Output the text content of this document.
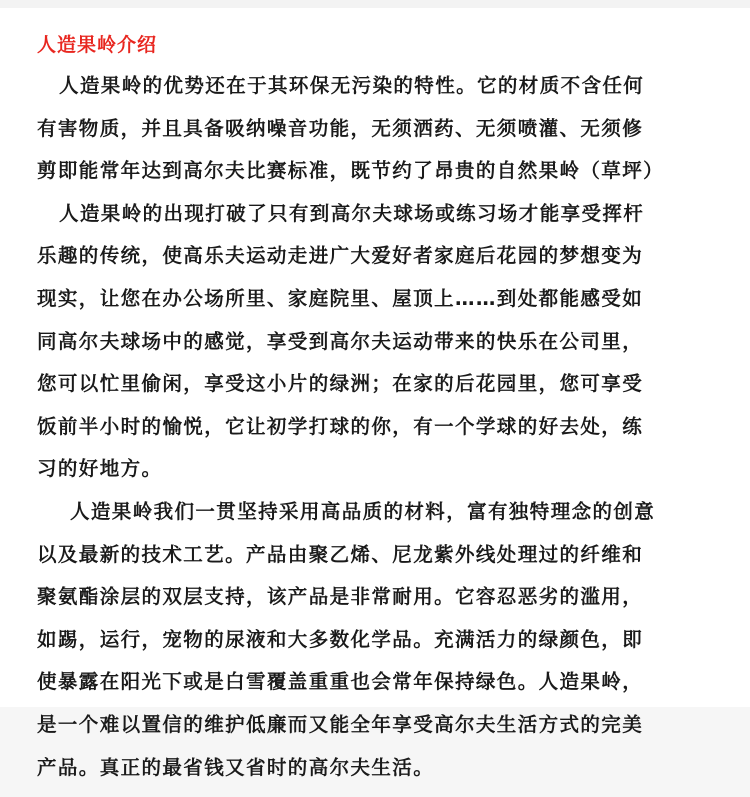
人造果岭介绍
人造果岭的优势还在于其环保无污染的特性。它的材质不含任何
有害物质，并且具备吸纳噪音功能，无须洒药、无须喷灌、无须修
剪即能常年达到高尔夫比赛标准，既节约了昂贵的自然果岭（草坪）
人造果岭的出现打破了只有到高尔夫球场或练习场才能享受挥杆
乐趣的传统，使高乐夫运动走进广大爱好者家庭后花园的梦想变为
现实，让您在办公场所里、家庭院里、屋顶上……到处都能感受如
同高尔夫球场中的感觉，享受到高尔夫运动带来的快乐在公司里，
您可以忙里偷闲，享受这小片的绿洲；在家的后花园里，您可享受
饭前半小时的愉悦，它让初学打球的你，有一个学球的好去处，练
习的好地方。
人造果岭我们一贯坚持采用高品质的材料，富有独特理念的创意
以及最新的技术工艺。产品由聚乙烯、尼龙紫外线处理过的纤维和
聚氨酯涂层的双层支持，该产品是非常耐用。它容忍恶劣的滥用，
如踢，运行，宠物的尿液和大多数化学品。充满活力的绿颜色，即
使暴露在阳光下或是白雪覆盖重重也会常年保持绿色。人造果岭，
是一个难以置信的维护低廉而又能全年享受高尔夫生活方式的完美
产品。真正的最省钱又省时的高尔夫生活。
